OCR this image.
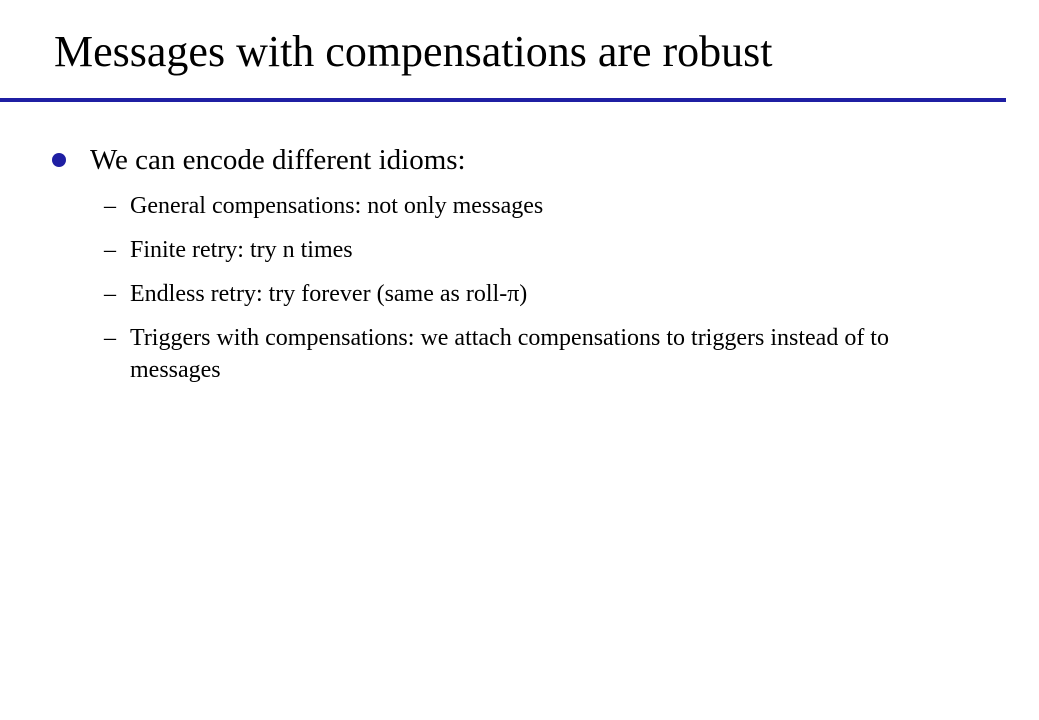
Messages with compensations are robust
We can encode different idioms:
– General compensations: not only messages
– Finite retry: try n times
– Endless retry: try forever (same as roll-π)
– Triggers with compensations: we attach compensations to triggers instead of to messages
